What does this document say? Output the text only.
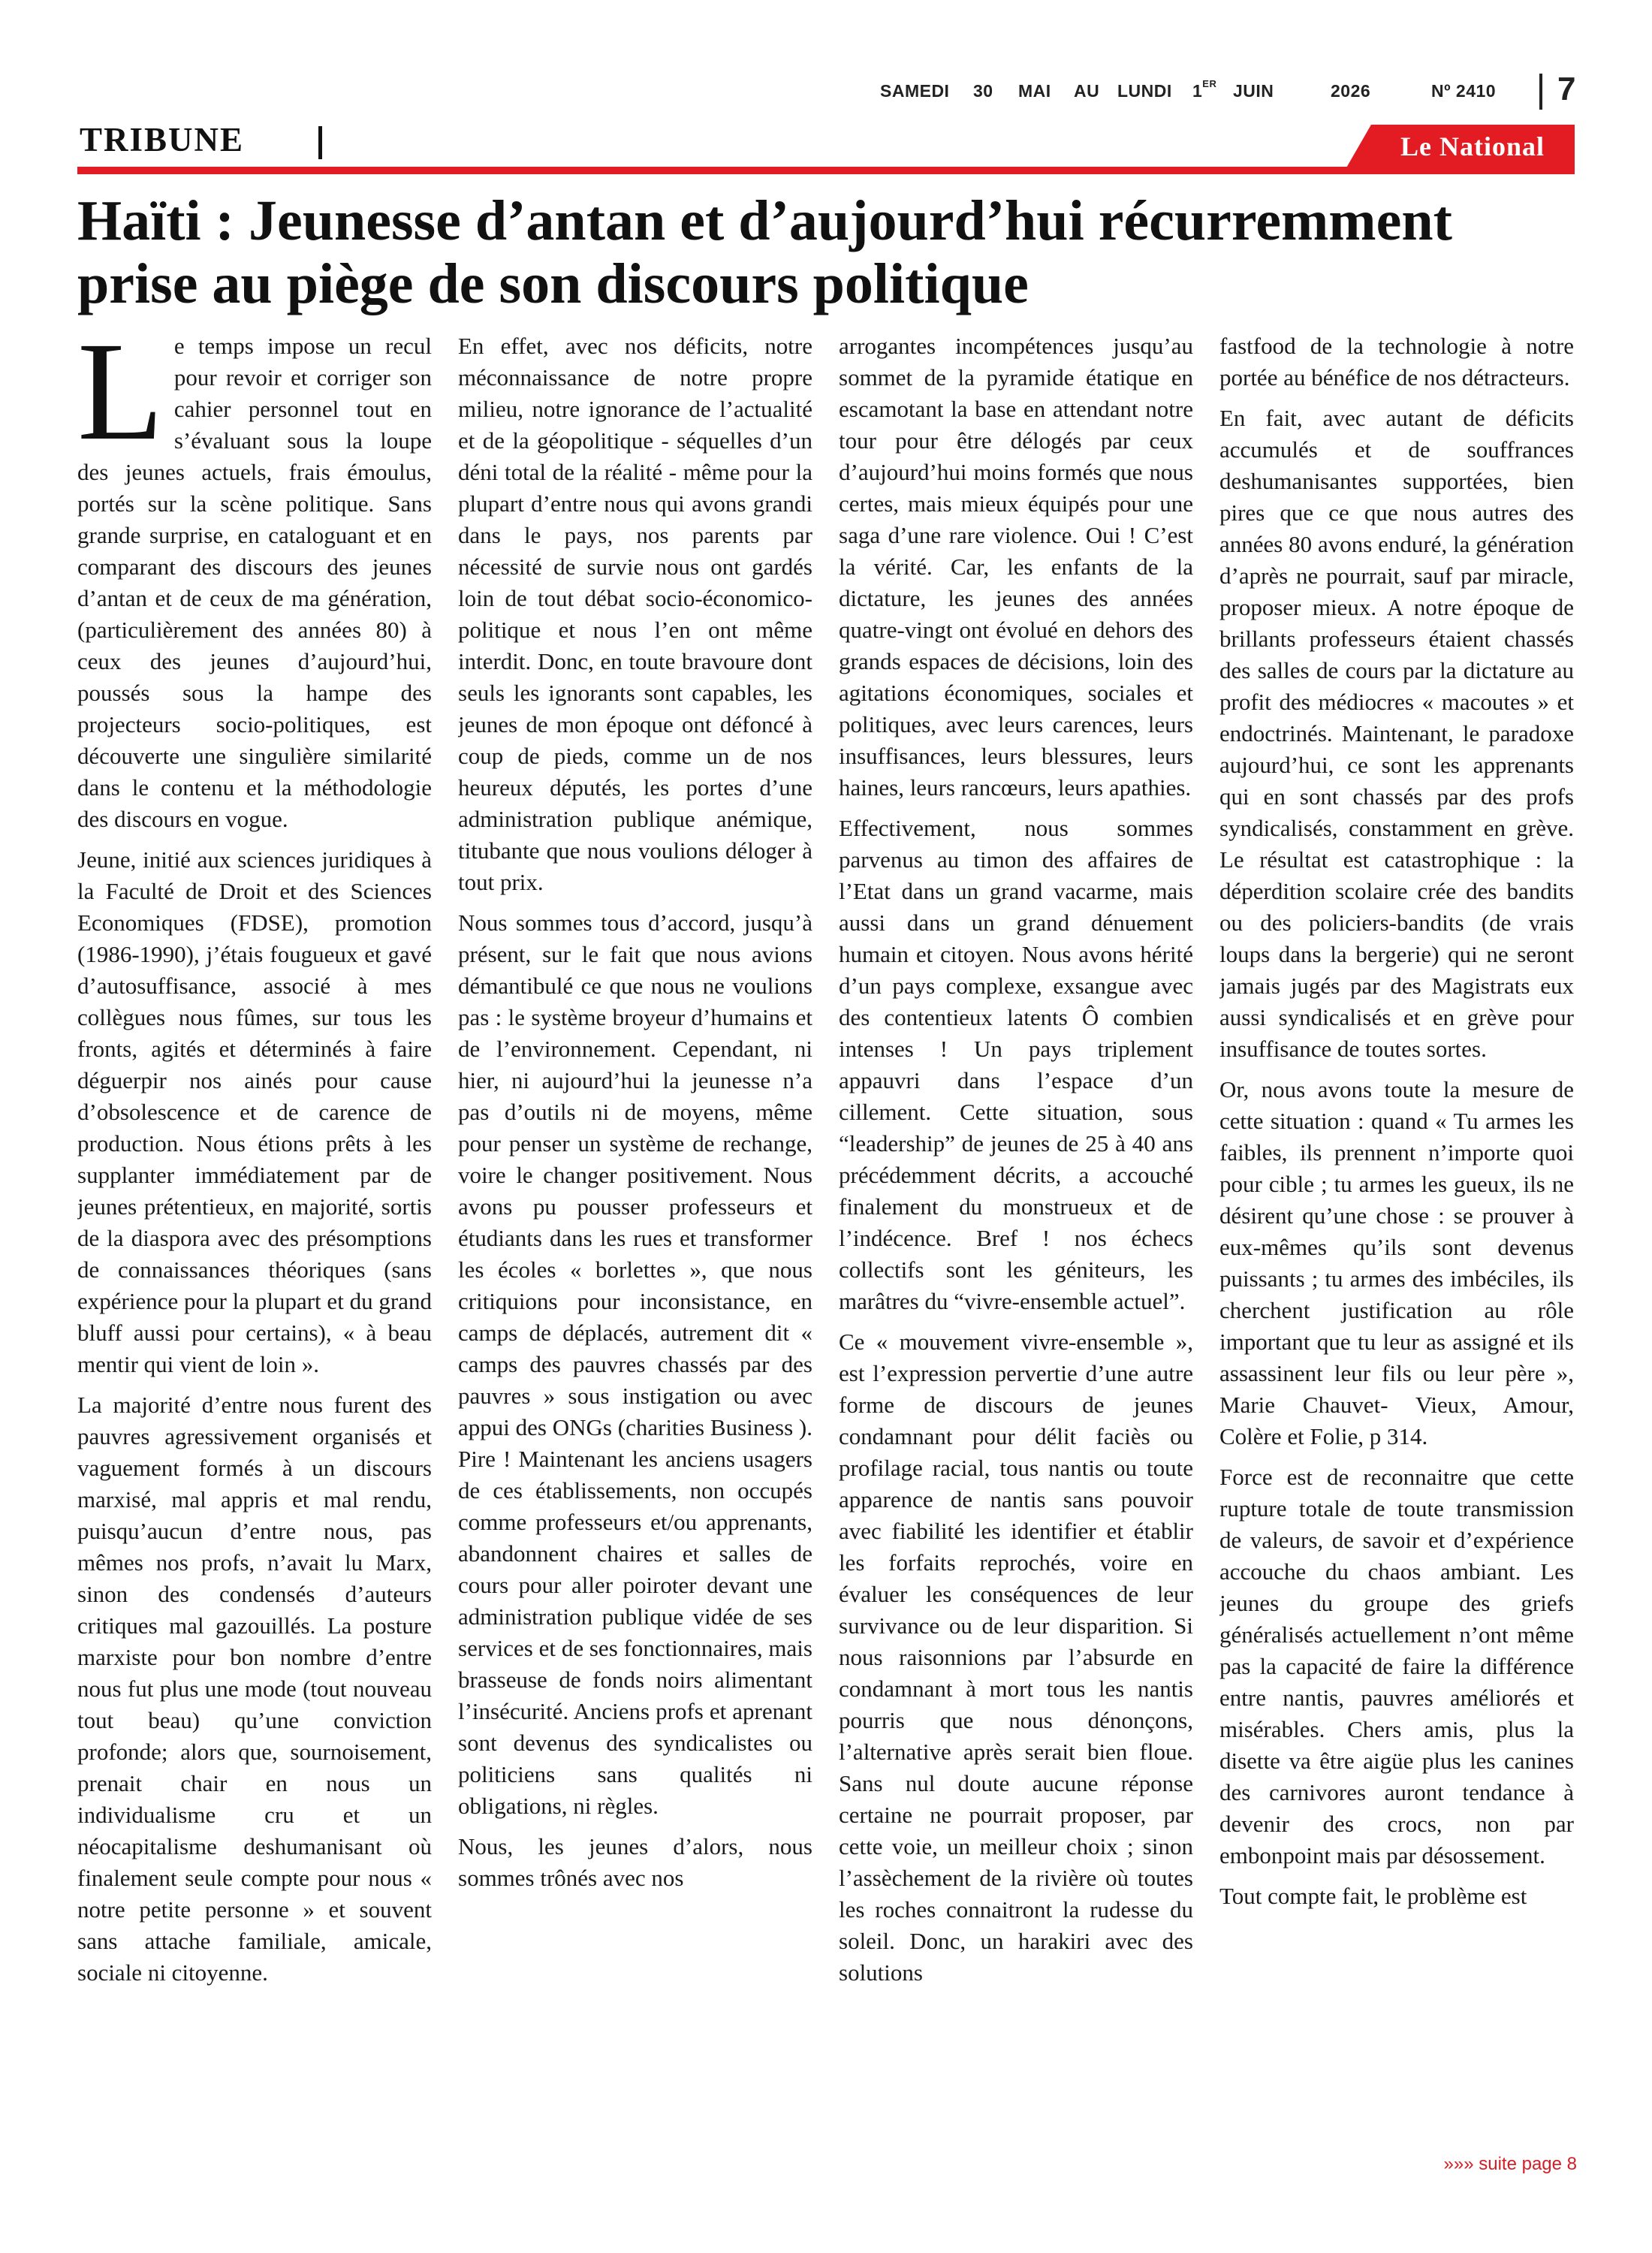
SAMEDI 30 MAI AU LUNDI 1ER JUIN	2026	Nº 2410 7
TRIBUNE	Le National
Haïti : Jeunesse d’antan et d’aujourd’hui récurremment prise au piège de son discours politique

Le temps impose un recul pour revoir et corriger son cahier personnel tout en s’évaluant sous la loupe des jeunes actuels, frais émoulus, portés sur la scène politique. Sans grande surprise, en cataloguant et en comparant des discours des jeunes d’antan et de ceux de ma génération, (particulièrement des années 80) à ceux des jeunes d’aujourd’hui, poussés sous la hampe des projecteurs socio-politiques, est découverte une singulière similarité dans le contenu et la méthodologie des discours en vogue.

Jeune, initié aux sciences juridiques à la Faculté de Droit et des Sciences Economiques (FDSE), promotion (1986-1990), j’étais fougueux et gavé d’autosuffisance, associé à mes collègues nous fûmes, sur tous les fronts, agités et déterminés à faire déguerpir nos ainés pour cause d’obsolescence et de carence de production. Nous étions prêts à les supplanter immédiatement par de jeunes prétentieux, en majorité, sortis de la diaspora avec des présomptions de connaissances théoriques (sans expérience pour la plupart et du grand bluff aussi pour certains), « à beau mentir qui vient de loin ».

La majorité d’entre nous furent des pauvres agressivement organisés et vaguement formés à un discours marxisé, mal appris et mal rendu, puisqu’aucun d’entre nous, pas mêmes nos profs, n’avait lu Marx, sinon des condensés d’auteurs critiques mal gazouillés. La posture marxiste pour bon nombre d’entre nous fut plus une mode (tout nouveau tout beau) qu’une conviction profonde; alors que, sournoisement, prenait chair en nous un individualisme cru et un néocapitalisme deshumanisant où finalement seule compte pour nous « notre petite personne » et souvent sans attache familiale, amicale, sociale ni citoyenne.

En effet, avec nos déficits, notre méconnaissance de notre propre milieu, notre ignorance de l’actualité et de la géopolitique - séquelles d’un déni total de la réalité - même pour la plupart d’entre nous qui avons grandi dans le pays, nos parents par nécessité de survie nous ont gardés loin de tout débat socio-économico-politique et nous l’en ont même interdit. Donc, en toute bravoure dont seuls les ignorants sont capables, les jeunes de mon époque ont défoncé à coup de pieds, comme un de nos heureux députés, les portes d’une administration publique anémique, titubante que nous voulions déloger à tout prix.

Nous sommes tous d’accord, jusqu’à présent, sur le fait que nous avions démantibulé ce que nous ne voulions pas : le système broyeur d’humains et de l’environnement. Cependant, ni hier, ni aujourd’hui la jeunesse n’a pas d’outils ni de moyens, même pour penser un système de rechange, voire le changer positivement. Nous avons pu pousser professeurs et étudiants dans les rues et transformer les écoles « borlettes », que nous critiquions pour inconsistance, en camps de déplacés, autrement dit « camps des pauvres chassés par des pauvres » sous instigation ou avec appui des ONGs (charities Business ). Pire ! Maintenant les anciens usagers de ces établissements, non occupés comme professeurs et/ou apprenants, abandonnent chaires et salles de cours pour aller poiroter devant une administration publique vidée de ses services et de ses fonctionnaires, mais brasseuse de fonds noirs alimentant l’insécurité. Anciens profs et aprenant sont devenus des syndicalistes ou politiciens sans qualités ni obligations, ni règles.

Nous, les jeunes d’alors, nous sommes trônés avec nos

arrogantes incompétences jusqu’au sommet de la pyramide étatique en escamotant la base en attendant notre tour pour être délogés par ceux d’aujourd’hui moins formés que nous certes, mais mieux équipés pour une saga d’une rare violence. Oui ! C’est la vérité. Car, les enfants de la dictature, les jeunes des années quatre-vingt ont évolué en dehors des grands espaces de décisions, loin des agitations économiques, sociales et politiques, avec leurs carences, leurs insuffisances, leurs blessures, leurs haines, leurs rancœurs, leurs apathies.

Effectivement, nous sommes parvenus au timon des affaires de l’Etat dans un grand vacarme, mais aussi dans un grand dénuement humain et citoyen. Nous avons hérité d’un pays complexe, exsangue avec des contentieux latents Ô combien intenses ! Un pays triplement appauvri dans l’espace d’un cillement. Cette situation, sous “leadership” de jeunes de 25 à 40 ans précédemment décrits, a accouché finalement du monstrueux et de l’indécence. Bref ! nos échecs collectifs sont les géniteurs, les marâtres du “vivre-ensemble actuel”.

Ce « mouvement vivre-ensemble », est l’expression pervertie d’une autre forme de discours de jeunes condamnant pour délit faciès ou profilage racial, tous nantis ou toute apparence de nantis sans pouvoir avec fiabilité les identifier et établir les forfaits reprochés, voire en évaluer les conséquences de leur survivance ou de leur disparition. Si nous raisonnions par l’absurde en condamnant à mort tous les nantis pourris que nous dénonçons, l’alternative après serait bien floue. Sans nul doute aucune réponse certaine ne pourrait proposer, par cette voie, un meilleur choix ; sinon l’assèchement de la rivière où toutes les roches connaitront la rudesse du soleil. Donc, un harakiri avec des solutions

fastfood de la technologie à notre portée au bénéfice de nos détracteurs.

En fait, avec autant de déficits accumulés et de souffrances deshumanisantes supportées, bien pires que ce que nous autres des années 80 avons enduré, la génération d’après ne pourrait, sauf par miracle, proposer mieux. A notre époque de brillants professeurs étaient chassés des salles de cours par la dictature au profit des médiocres « macoutes » et endoctrinés. Maintenant, le paradoxe aujourd’hui, ce sont les apprenants qui en sont chassés par des profs syndicalisés, constamment en grève. Le résultat est catastrophique : la déperdition scolaire crée des bandits ou des policiers-bandits (de vrais loups dans la bergerie) qui ne seront jamais jugés par des Magistrats eux aussi syndicalisés et en grève pour insuffisance de toutes sortes.

Or, nous avons toute la mesure de cette situation : quand « Tu armes les faibles, ils prennent n’importe quoi pour cible ; tu armes les gueux, ils ne désirent qu’une chose : se prouver à eux-mêmes qu’ils sont devenus puissants ; tu armes des imbéciles, ils cherchent justification au rôle important que tu leur as assigné et ils assassinent leur fils ou leur père », Marie Chauvet- Vieux, Amour, Colère et Folie, p 314.

Force est de reconnaitre que cette rupture totale de toute transmission de valeurs, de savoir et d’expérience accouche du chaos ambiant. Les jeunes du groupe des griefs généralisés actuellement n’ont même pas la capacité de faire la différence entre nantis, pauvres améliorés et misérables. Chers amis, plus la disette va être aigüe plus les canines des carnivores auront tendance à devenir des crocs, non par embonpoint mais par désossement.

Tout compte fait, le problème est

»»» suite page 8
